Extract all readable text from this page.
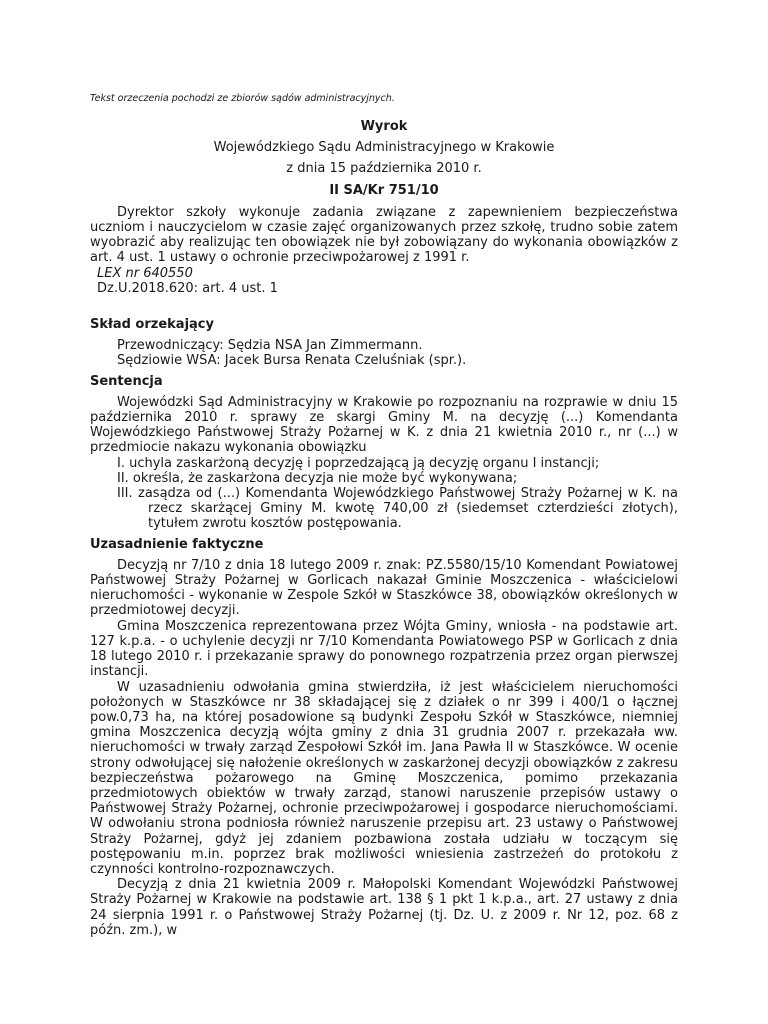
Tekst orzeczenia pochodzi ze zbiorów sądów administracyjnych.

Wyrok

Wojewódzkiego Sądu Administracyjnego w Krakowie

z dnia 15 października 2010 r.

II SA/Kr 751/10

Dyrektor szkoły wykonuje zadania związane z zapewnieniem bezpieczeństwa uczniom i nauczycielom w czasie zajęć organizowanych przez szkołę, trudno sobie zatem wyobrazić aby realizując ten obowiązek nie był zobowiązany do wykonania obowiązków z art. 4 ust. 1 ustawy o ochronie przeciwpożarowej z 1991 r.

LEX nr 640550

Dz.U.2018.620: art. 4 ust. 1

Skład orzekający

Przewodniczący: Sędzia NSA Jan Zimmermann.

Sędziowie WSA: Jacek Bursa Renata Czeluśniak (spr.).

Sentencja

Wojewódzki Sąd Administracyjny w Krakowie po rozpoznaniu na rozprawie w dniu 15 października 2010 r. sprawy ze skargi Gminy M. na decyzję (...) Komendanta Wojewódzkiego Państwowej Straży Pożarnej w K. z dnia 21 kwietnia 2010 r., nr (...) w przedmiocie nakazu wykonania obowiązku

I. uchyla zaskarżoną decyzję i poprzedzającą ją decyzję organu I instancji;

II. określa, że zaskarżona decyzja nie może być wykonywana;

III. zasądza od (...) Komendanta Wojewódzkiego Państwowej Straży Pożarnej w K. na rzecz skarżącej Gminy M. kwotę 740,00 zł (siedemset czterdzieści złotych), tytułem zwrotu kosztów postępowania.

Uzasadnienie faktyczne

Decyzją nr 7/10 z dnia 18 lutego 2009 r. znak: PZ.5580/15/10 Komendant Powiatowej Państwowej Straży Pożarnej w Gorlicach nakazał Gminie Moszczenica - właścicielowi nieruchomości - wykonanie w Zespole Szkół w Staszkówce 38, obowiązków określonych w przedmiotowej decyzji.

Gmina Moszczenica reprezentowana przez Wójta Gminy, wniosła - na podstawie art. 127 k.p.a. - o uchylenie decyzji nr 7/10 Komendanta Powiatowego PSP w Gorlicach z dnia 18 lutego 2010 r. i przekazanie sprawy do ponownego rozpatrzenia przez organ pierwszej instancji.

W uzasadnieniu odwołania gmina stwierdziła, iż jest właścicielem nieruchomości położonych w Staszkówce nr 38 składającej się z działek o nr 399 i 400/1 o łącznej pow.0,73 ha, na której posadowione są budynki Zespołu Szkół w Staszkówce, niemniej gmina Moszczenica decyzją wójta gminy z dnia 31 grudnia 2007 r. przekazała ww. nieruchomości w trwały zarząd Zespołowi Szkół im. Jana Pawła II w Staszkówce. W ocenie strony odwołującej się nałożenie określonych w zaskarżonej decyzji obowiązków z zakresu bezpieczeństwa pożarowego na Gminę Moszczenica, pomimo przekazania przedmiotowych obiektów w trwały zarząd, stanowi naruszenie przepisów ustawy o Państwowej Straży Pożarnej, ochronie przeciwpożarowej i gospodarce nieruchomościami. W odwołaniu strona podniosła również naruszenie przepisu art. 23 ustawy o Państwowej Straży Pożarnej, gdyż jej zdaniem pozbawiona została udziału w toczącym się postępowaniu m.in. poprzez brak możliwości wniesienia zastrzeżeń do protokołu z czynności kontrolno-rozpoznawczych.

Decyzją z dnia 21 kwietnia 2009 r. Małopolski Komendant Wojewódzki Państwowej Straży Pożarnej w Krakowie na podstawie art. 138 § 1 pkt 1 k.p.a., art. 27 ustawy z dnia 24 sierpnia 1991 r. o Państwowej Straży Pożarnej (tj. Dz. U. z 2009 r. Nr 12, poz. 68 z późn. zm.), w
